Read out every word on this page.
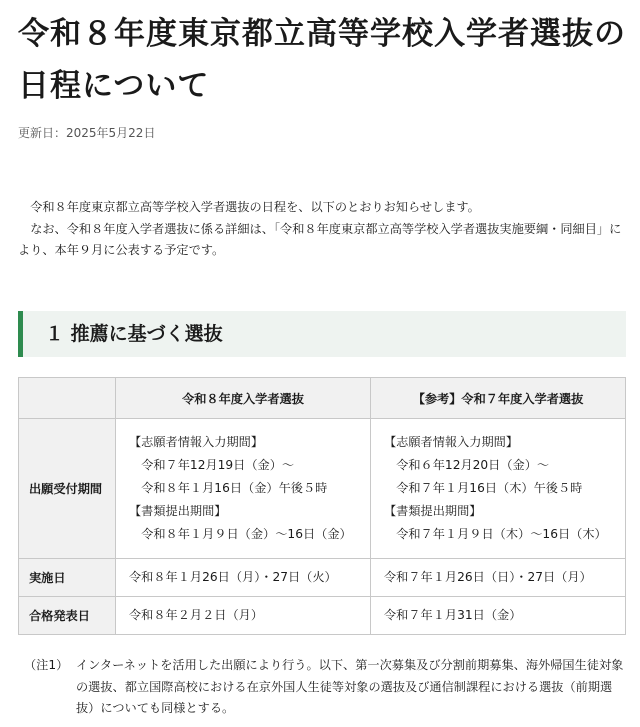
令和８年度東京都立高等学校入学者選抜の日程について
更新日：2025年5月22日

令和８年度東京都立高等学校入学者選抜の日程を、以下のとおりお知らせします。

なお、令和８年度入学者選抜に係る詳細は、「令和８年度東京都立高等学校入学者選抜実施要綱・同細目」により、本年９月に公表する予定です。

１ 推薦に基づく選抜
	令和８年度入学者選抜	【参考】令和７年度入学者選抜
出願受付期間	【志願者情報入力期間】
令和７年12月19日（金）～
令和８年１月16日（金）午後５時
【書類提出期間】
令和８年１月９日（金）～16日（金）	【志願者情報入力期間】
令和６年12月20日（金）～
令和７年１月16日（木）午後５時
【書類提出期間】
令和７年１月９日（木）～16日（木）

実施日	令和８年１月26日（月）・27日（火）	令和７年１月26日（日）・27日（月）
合格発表日	令和８年２月２日（月）	令和７年１月31日（金）
（注1） インターネットを活用した出願により行う。以下、第一次募集及び分割前期募集、海外帰国生徒対象の選抜、都立国際高校における在京外国人生徒等対象の選抜及び通信制課程における選抜（前期選抜）についても同様とする。
